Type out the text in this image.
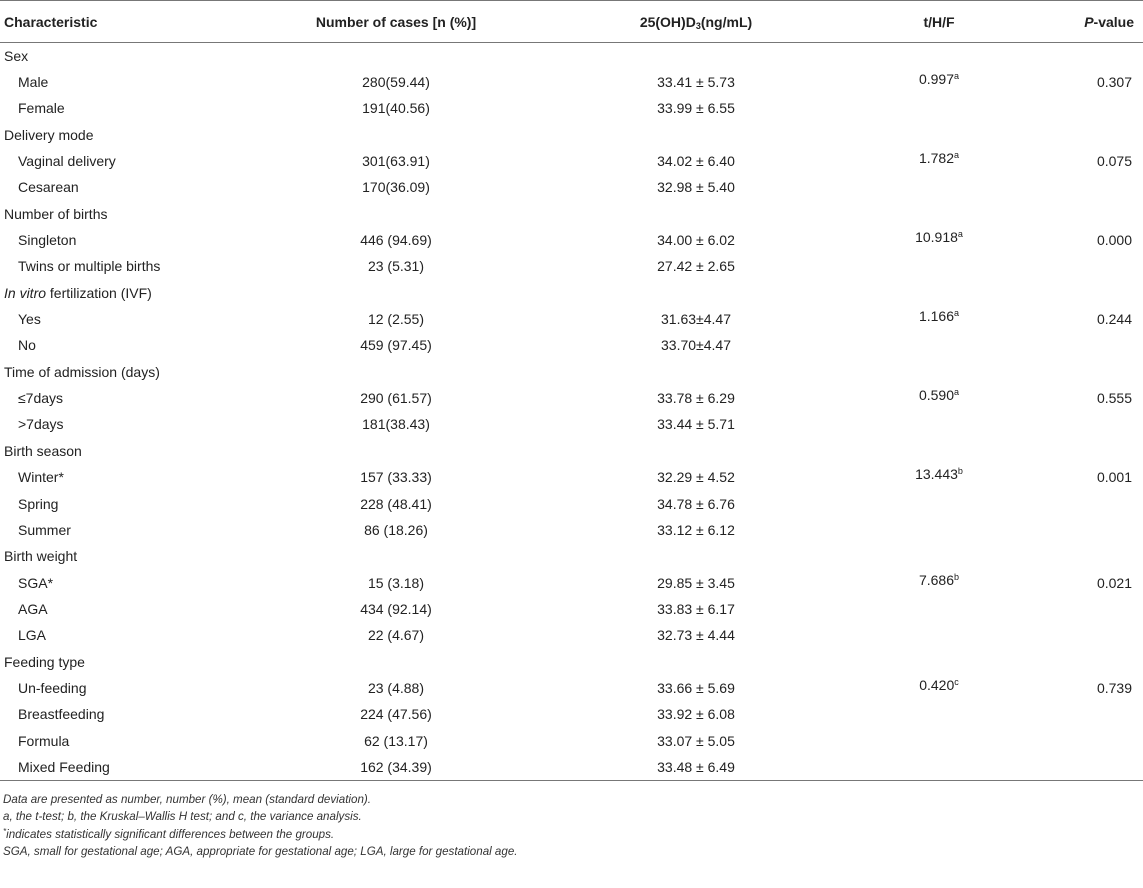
Characteristic	Number of cases [n (%)]	$25(OH)D_3(ng/mL)$	t/H/F	P-value
Sex				
Male	280(59.44)	33.41 ± 5.73	0.997$^a$	0.307
Female	191(40.56)	33.99 ± 6.55		
Delivery mode				
Vaginal delivery	301(63.91)	34.02 ± 6.40	1.782$^a$	0.075
Cesarean	170(36.09)	32.98 ± 5.40		
Number of births				
Singleton	446 (94.69)	34.00 ± 6.02	10.918$^a$	0.000
Twins or multiple births	23 (5.31)	27.42 ± 2.65		
In vitro fertilization (IVF)				
Yes	12 (2.55)	31.63±4.47	1.166$^a$	0.244
No	459 (97.45)	33.70±4.47		
Time of admission (days)				
≤7days	290 (61.57)	33.78 ± 6.29	0.590$^a$	0.555
>7days	181(38.43)	33.44 ± 5.71		
Birth season				
Winter*	157 (33.33)	32.29 ± 4.52	13.443$^b$	0.001
Spring	228 (48.41)	34.78 ± 6.76		
Summer	86 (18.26)	33.12 ± 6.12		
Birth weight				
SGA*	15 (3.18)	29.85 ± 3.45	7.686$^b$	0.021
AGA	434 (92.14)	33.83 ± 6.17		
LGA	22 (4.67)	32.73 ± 4.44		
Feeding type				
Un-feeding	23 (4.88)	33.66 ± 5.69	0.420$^c$	0.739
Breastfeeding	224 (47.56)	33.92 ± 6.08		
Formula	62 (13.17)	33.07 ± 5.05		
Mixed Feeding	162 (34.39)	33.48 ± 6.49		
Data are presented as number, number (%), mean (standard deviation).
a, the t-test; b, the Kruskal–Wallis H test; and c, the variance analysis.
*indicates statistically significant differences between the groups.
SGA, small for gestational age; AGA, appropriate for gestational age; LGA, large for gestational age.
